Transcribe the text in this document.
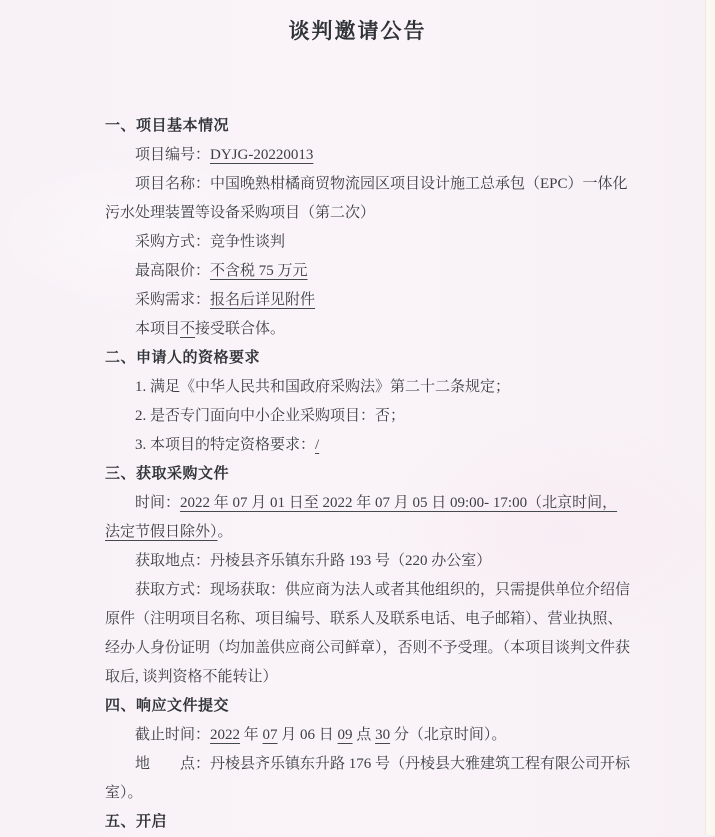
谈判邀请公告
一、项目基本情况
项目编号：DYJG-20220013
项目名称：中国晚熟柑橘商贸物流园区项目设计施工总承包（EPC）一体化
污水处理装置等设备采购项目（第二次）
采购方式：竞争性谈判
最高限价：不含税 75 万元
采购需求：报名后详见附件
本项目不接受联合体。
二、申请人的资格要求
1. 满足《中华人民共和国政府采购法》第二十二条规定；
2. 是否专门面向中小企业采购项目：否；
3. 本项目的特定资格要求：/
三、获取采购文件
时间：2022 年 07 月 01 日至 2022 年 07 月 05 日 09:00- 17:00（北京时间，
法定节假日除外）。
获取地点：丹棱县齐乐镇东升路 193 号（220 办公室）
获取方式：现场获取：供应商为法人或者其他组织的，只需提供单位介绍信
原件（注明项目名称、项目编号、联系人及联系电话、电子邮箱）、营业执照、
经办人身份证明（均加盖供应商公司鲜章），否则不予受理。（本项目谈判文件获
取后, 谈判资格不能转让）
四、响应文件提交
截止时间：2022 年 07 月 06 日 09 点 30 分（北京时间）。
地　　点：丹棱县齐乐镇东升路 176 号（丹棱县大雅建筑工程有限公司开标
室）。
五、开启
